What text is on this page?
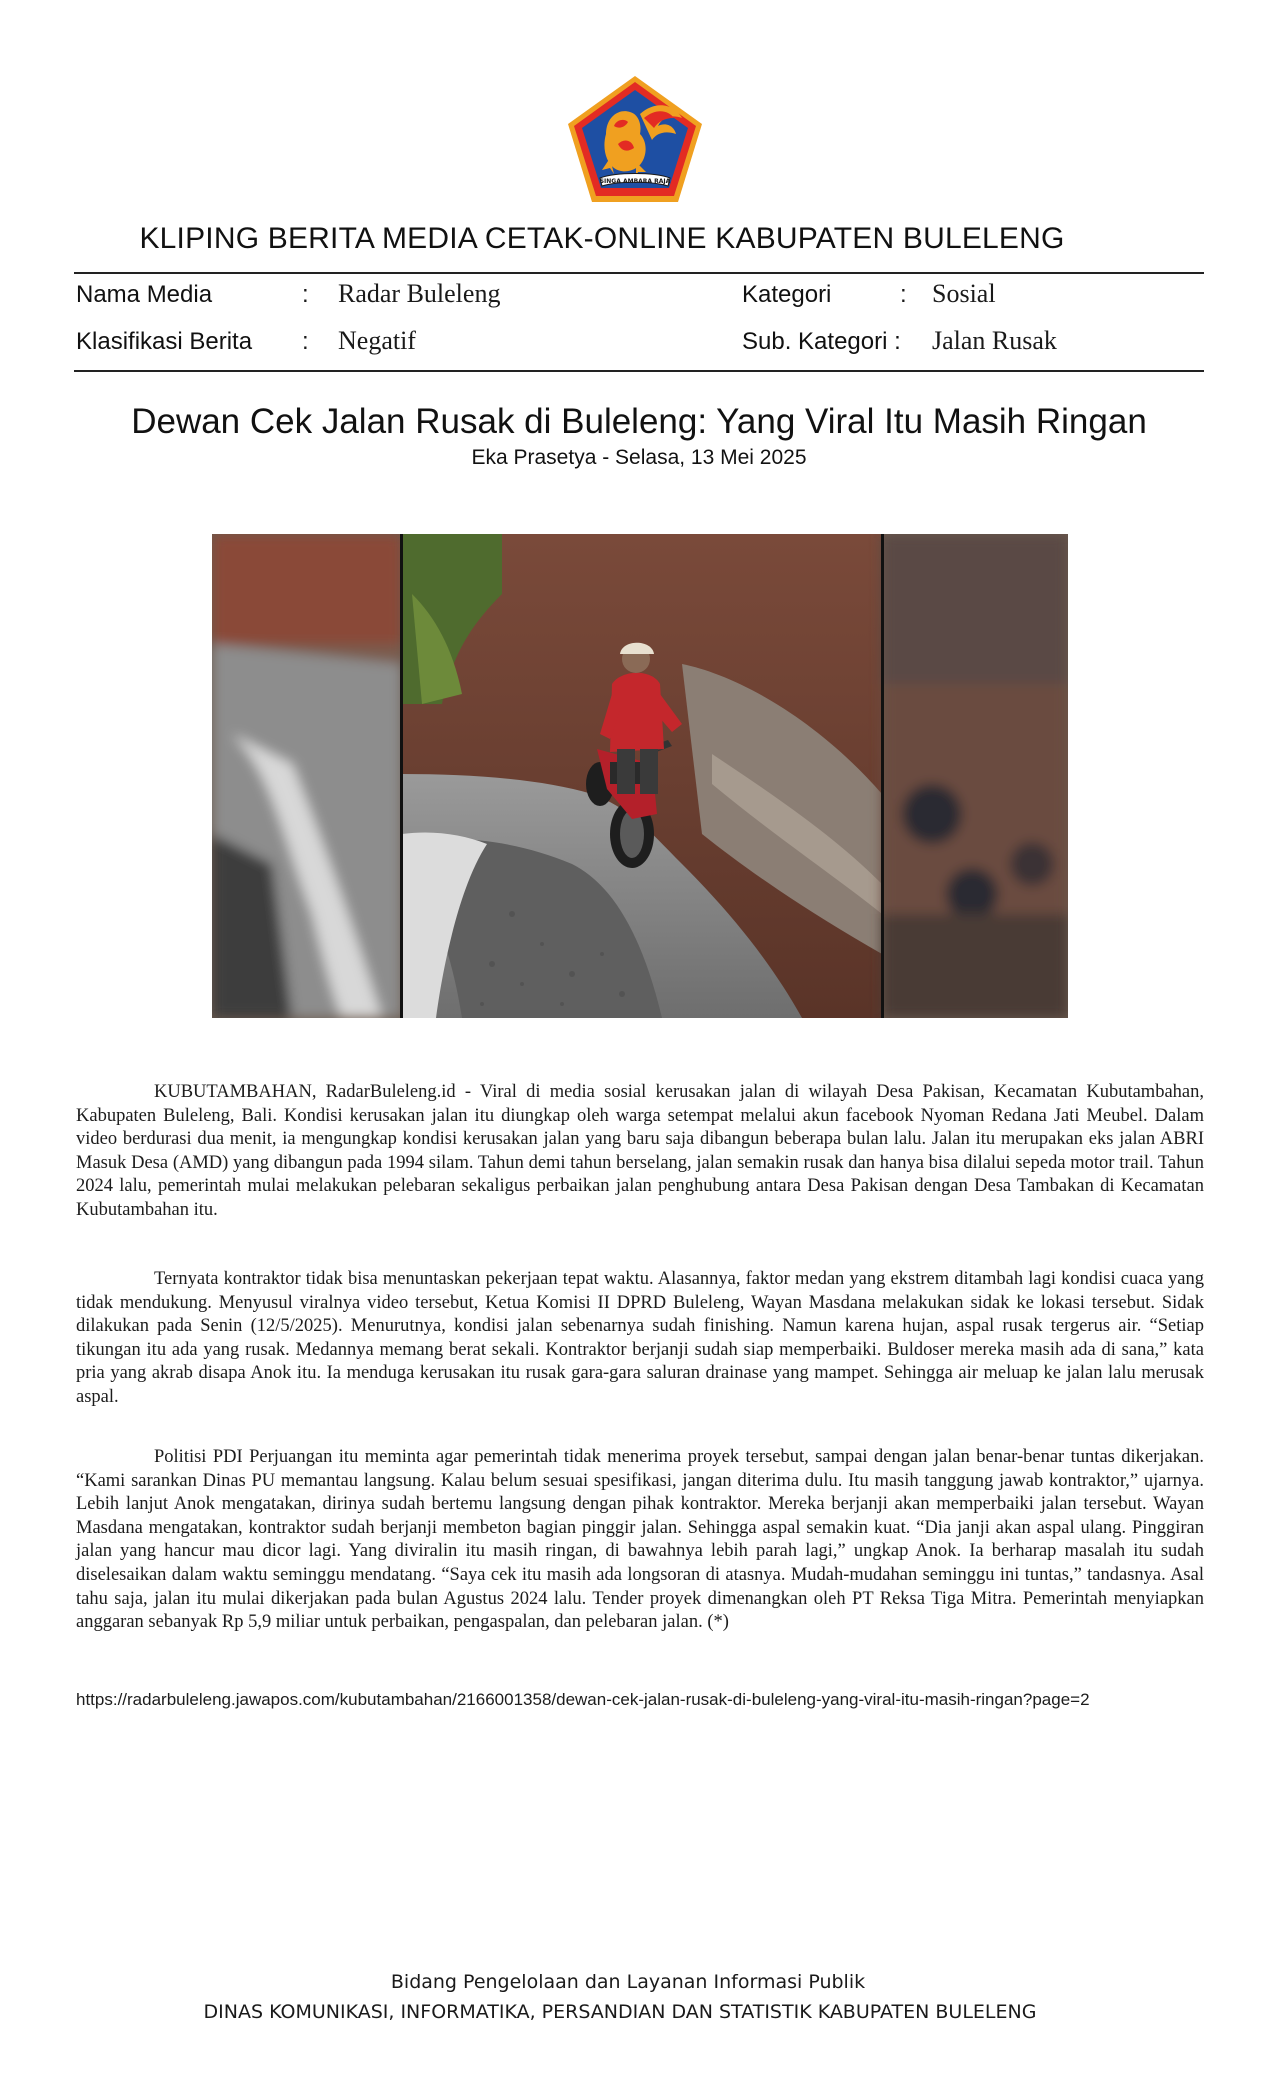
SINGA AMBARA RAJA
KLIPING BERITA MEDIA CETAK-ONLINE KABUPATEN BULELENG
Nama Media	: Radar Buleleng	Kategori	: Sosial
Klasifikasi Berita : Negatif	Sub. Kategori : Jalan Rusak
Dewan Cek Jalan Rusak di Buleleng: Yang Viral Itu Masih Ringan
Eka Prasetya - Selasa, 13 Mei 2025

KUBUTAMBAHAN, RadarBuleleng.id - Viral di media sosial kerusakan jalan di wilayah Desa Pakisan, Kecamatan Kubutambahan, Kabupaten Buleleng, Bali. Kondisi kerusakan jalan itu diungkap oleh warga setempat melalui akun facebook Nyoman Redana Jati Meubel. Dalam video berdurasi dua menit, ia mengungkap kondisi kerusakan jalan yang baru saja dibangun beberapa bulan lalu. Jalan itu merupakan eks jalan ABRI Masuk Desa (AMD) yang dibangun pada 1994 silam. Tahun demi tahun berselang, jalan semakin rusak dan hanya bisa dilalui sepeda motor trail. Tahun 2024 lalu, pemerintah mulai melakukan pelebaran sekaligus perbaikan jalan penghubung antara Desa Pakisan dengan Desa Tambakan di Kecamatan Kubutambahan itu.

Ternyata kontraktor tidak bisa menuntaskan pekerjaan tepat waktu. Alasannya, faktor medan yang ekstrem ditambah lagi kondisi cuaca yang tidak mendukung. Menyusul viralnya video tersebut, Ketua Komisi II DPRD Buleleng, Wayan Masdana melakukan sidak ke lokasi tersebut. Sidak dilakukan pada Senin (12/5/2025). Menurutnya, kondisi jalan sebenarnya sudah finishing. Namun karena hujan, aspal rusak tergerus air. “Setiap tikungan itu ada yang rusak. Medannya memang berat sekali. Kontraktor berjanji sudah siap memperbaiki. Buldoser mereka masih ada di sana,” kata pria yang akrab disapa Anok itu. Ia menduga kerusakan itu rusak gara-gara saluran drainase yang mampet. Sehingga air meluap ke jalan lalu merusak aspal.

Politisi PDI Perjuangan itu meminta agar pemerintah tidak menerima proyek tersebut, sampai dengan jalan benar-benar tuntas dikerjakan. “Kami sarankan Dinas PU memantau langsung. Kalau belum sesuai spesifikasi, jangan diterima dulu. Itu masih tanggung jawab kontraktor,” ujarnya. Lebih lanjut Anok mengatakan, dirinya sudah bertemu langsung dengan pihak kontraktor. Mereka berjanji akan memperbaiki jalan tersebut. Wayan Masdana mengatakan, kontraktor sudah berjanji membeton bagian pinggir jalan. Sehingga aspal semakin kuat. “Dia janji akan aspal ulang. Pinggiran jalan yang hancur mau dicor lagi. Yang diviralin itu masih ringan, di bawahnya lebih parah lagi,” ungkap Anok. Ia berharap masalah itu sudah diselesaikan dalam waktu seminggu mendatang. “Saya cek itu masih ada longsoran di atasnya. Mudah-mudahan seminggu ini tuntas,” tandasnya. Asal tahu saja, jalan itu mulai dikerjakan pada bulan Agustus 2024 lalu. Tender proyek dimenangkan oleh PT Reksa Tiga Mitra. Pemerintah menyiapkan anggaran sebanyak Rp 5,9 miliar untuk perbaikan, pengaspalan, dan pelebaran jalan. (*)

https://radarbuleleng.jawapos.com/kubutambahan/2166001358/dewan-cek-jalan-rusak-di-buleleng-yang-viral-itu-masih-ringan?page=2
Bidang Pengelolaan dan Layanan Informasi Publik
DINAS KOMUNIKASI, INFORMATIKA, PERSANDIAN DAN STATISTIK KABUPATEN BULELENG
